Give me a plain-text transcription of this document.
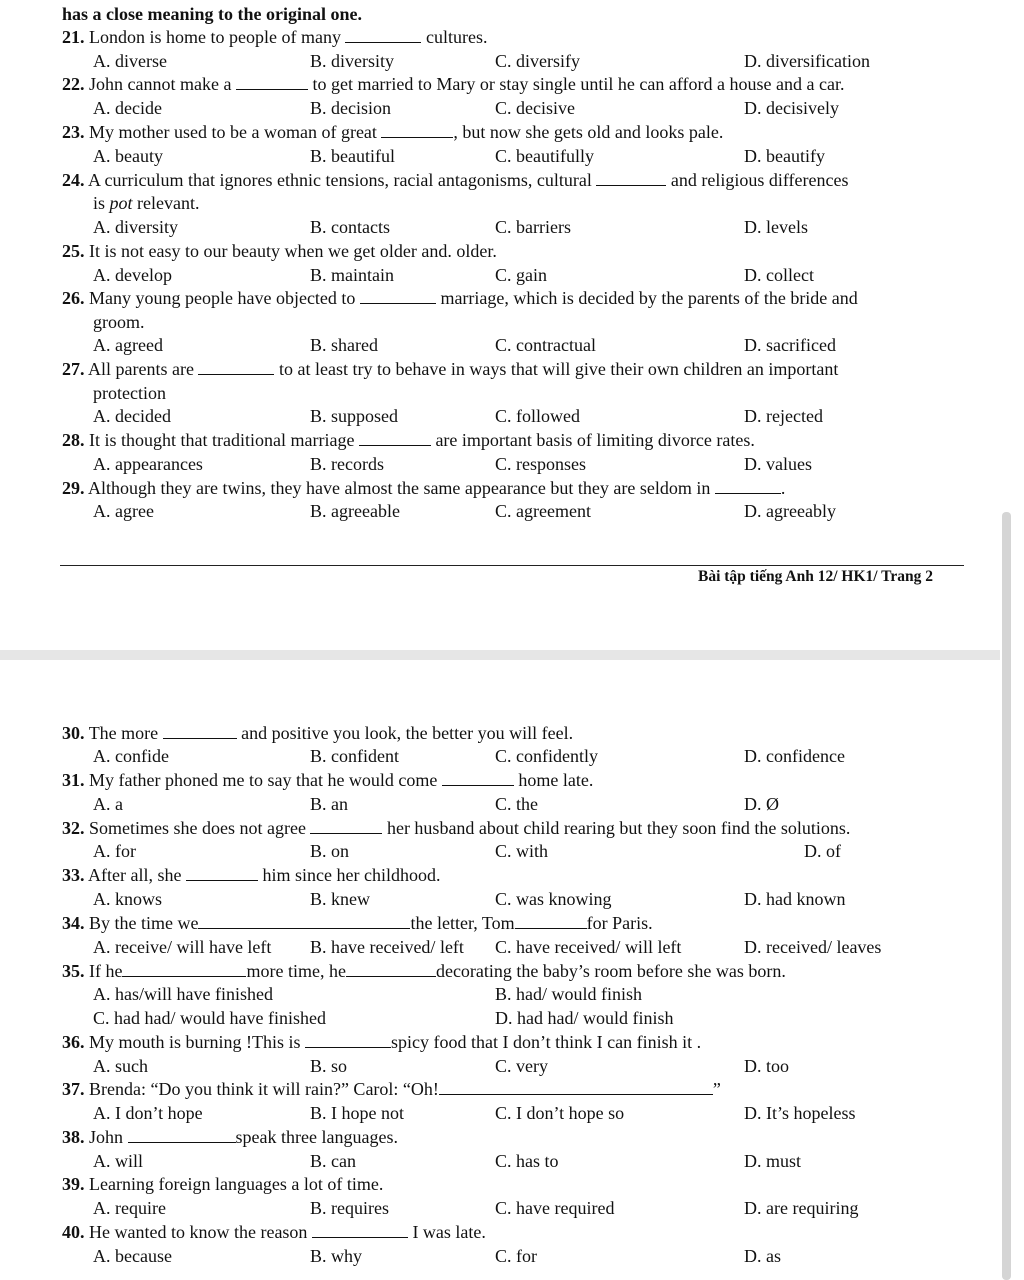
has a close meaning to the original one.
21. London is home to people of many	cultures.
A. diverse	B. diversity	C. diversify	D. diversification
22. John cannot make a	to get married to Mary or stay single until he can afford a house and a car.
A. decide	B. decision	C. decisive	D. decisively
23. My mother used to be a woman of great	, but now she gets old and looks pale.
A. beauty	B. beautiful	C. beautifully	D. beautify
24. A curriculum that ignores ethnic tensions, racial antagonisms, cultural	and religious differences
is pot relevant.
A. diversity	B. contacts	C. barriers	D. levels
25. It is not easy to our beauty when we get older and. older.
A. develop	B. maintain	C. gain	D. collect
26. Many young people have objected to	marriage, which is decided by the parents of the bride and
groom.
A. agreed	B. shared	C. contractual	D. sacrificed
27. All parents are	to at least try to behave in ways that will give their own children an important
protection
A. decided	B. supposed	C. followed	D. rejected
28. It is thought that traditional marriage	are important basis of limiting divorce rates.
A. appearances	B. records	C. responses	D. values
29. Although they are twins, they have almost the same appearance but they are seldom in	.
A. agree	B. agreeable	C. agreement	D. agreeably
Bài tập tiếng Anh 12/ HK1/ Trang 2
30. The more	and positive you look, the better you will feel.
A. confide	B. confident	C. confidently	D. confidence
31. My father phoned me to say that he would come	home late.
A. a	B. an	C. the	D. Ø
32. Sometimes she does not agree	her husband about child rearing but they soon find the solutions.
A. for	B. on	C. with	D. of
33. After all, she	him since her childhood.
A. knows	B. knew	C. was knowing	D. had known
34. By the time we	the letter, Tom	for Paris.
A. receive/ will have left B. have received/ left C. have received/ will left	D. received/ leaves
35. If he	more time, he	decorating the baby’s room before she was born.
A. has/will have finished	B. had/ would finish
C. had had/ would have finished	D. had had/ would finish
36. My mouth is burning !This is	spicy food that I don’t think I can finish it .
A. such	B. so	C. very	D. too
37. Brenda: “Do you think it will rain?” Carol: “Oh!	”
A. I don’t hope	B. I hope not	C. I don’t hope so	D. It’s hopeless
38. John	speak three languages.
A. will	B. can	C. has to	D. must
39. Learning foreign languages a lot of time.
A. require	B. requires	C. have required	D. are requiring
40. He wanted to know the reason	I was late.
A. because	B. why	C. for	D. as
